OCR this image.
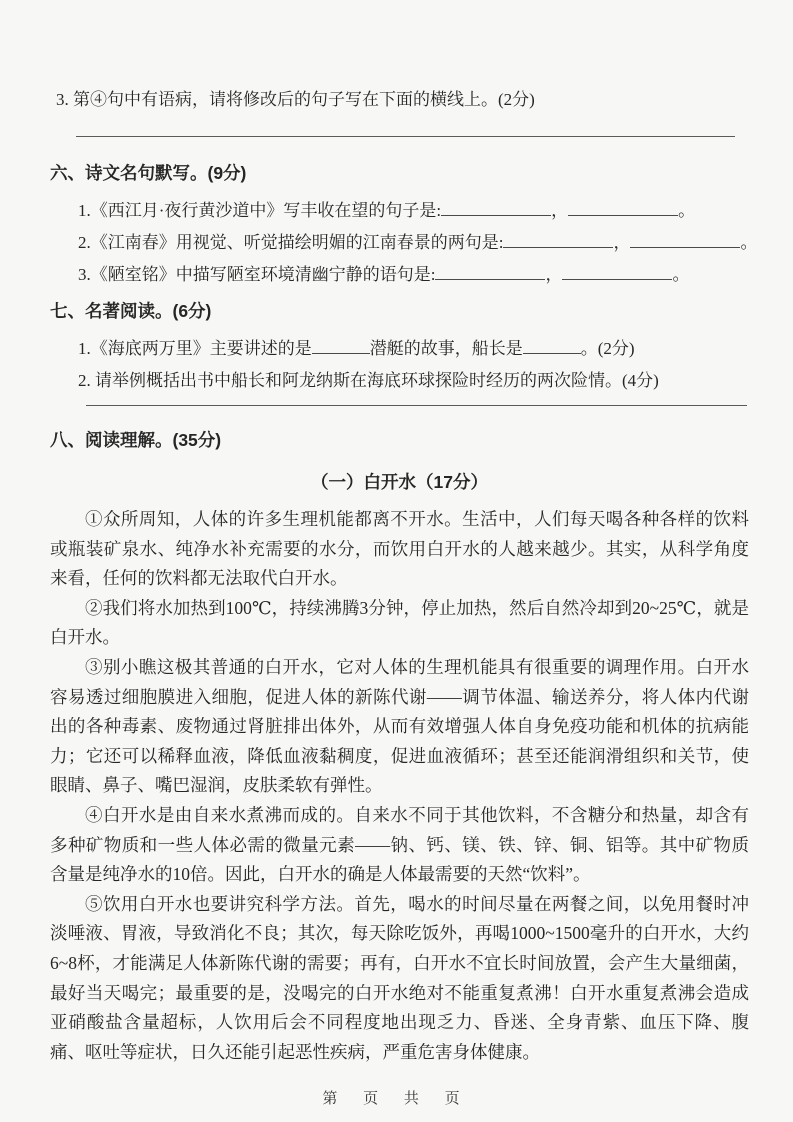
3. 第④句中有语病，请将修改后的句子写在下面的横线上。(2分)
六、诗文名句默写。(9分)
1.《西江月·夜行黄沙道中》写丰收在望的句子是:	，	。
2.《江南春》用视觉、听觉描绘明媚的江南春景的两句是:	，	。
3.《陋室铭》中描写陋室环境清幽宁静的语句是:	，	。
七、名著阅读。(6分)
1.《海底两万里》主要讲述的是	潜艇的故事，船长是	。(2分)
2. 请举例概括出书中船长和阿龙纳斯在海底环球探险时经历的两次险情。(4分)
八、阅读理解。(35分)
（一）白开水（17分）

①众所周知，人体的许多生理机能都离不开水。生活中，人们每天喝各种各样的饮料或瓶装矿泉水、纯净水补充需要的水分，而饮用白开水的人越来越少。其实，从科学角度来看，任何的饮料都无法取代白开水。

②我们将水加热到100℃，持续沸腾3分钟，停止加热，然后自然冷却到20~25℃，就是白开水。

③别小瞧这极其普通的白开水，它对人体的生理机能具有很重要的调理作用。白开水容易透过细胞膜进入细胞，促进人体的新陈代谢——调节体温、输送养分，将人体内代谢出的各种毒素、废物通过肾脏排出体外，从而有效增强人体自身免疫功能和机体的抗病能力；它还可以稀释血液，降低血液黏稠度，促进血液循环；甚至还能润滑组织和关节，使眼睛、鼻子、嘴巴湿润，皮肤柔软有弹性。

④白开水是由自来水煮沸而成的。自来水不同于其他饮料，不含糖分和热量，却含有多种矿物质和一些人体必需的微量元素——钠、钙、镁、铁、锌、铜、铝等。其中矿物质含量是纯净水的10倍。因此，白开水的确是人体最需要的天然“饮料”。

⑤饮用白开水也要讲究科学方法。首先，喝水的时间尽量在两餐之间，以免用餐时冲淡唾液、胃液，导致消化不良；其次，每天除吃饭外，再喝1000~1500毫升的白开水，大约6~8杯，才能满足人体新陈代谢的需要；再有，白开水不宜长时间放置，会产生大量细菌，最好当天喝完；最重要的是，没喝完的白开水绝对不能重复煮沸！白开水重复煮沸会造成亚硝酸盐含量超标，人饮用后会不同程度地出现乏力、昏迷、全身青紫、血压下降、腹痛、呕吐等症状，日久还能引起恶性疾病，严重危害身体健康。

第 页 共 页
